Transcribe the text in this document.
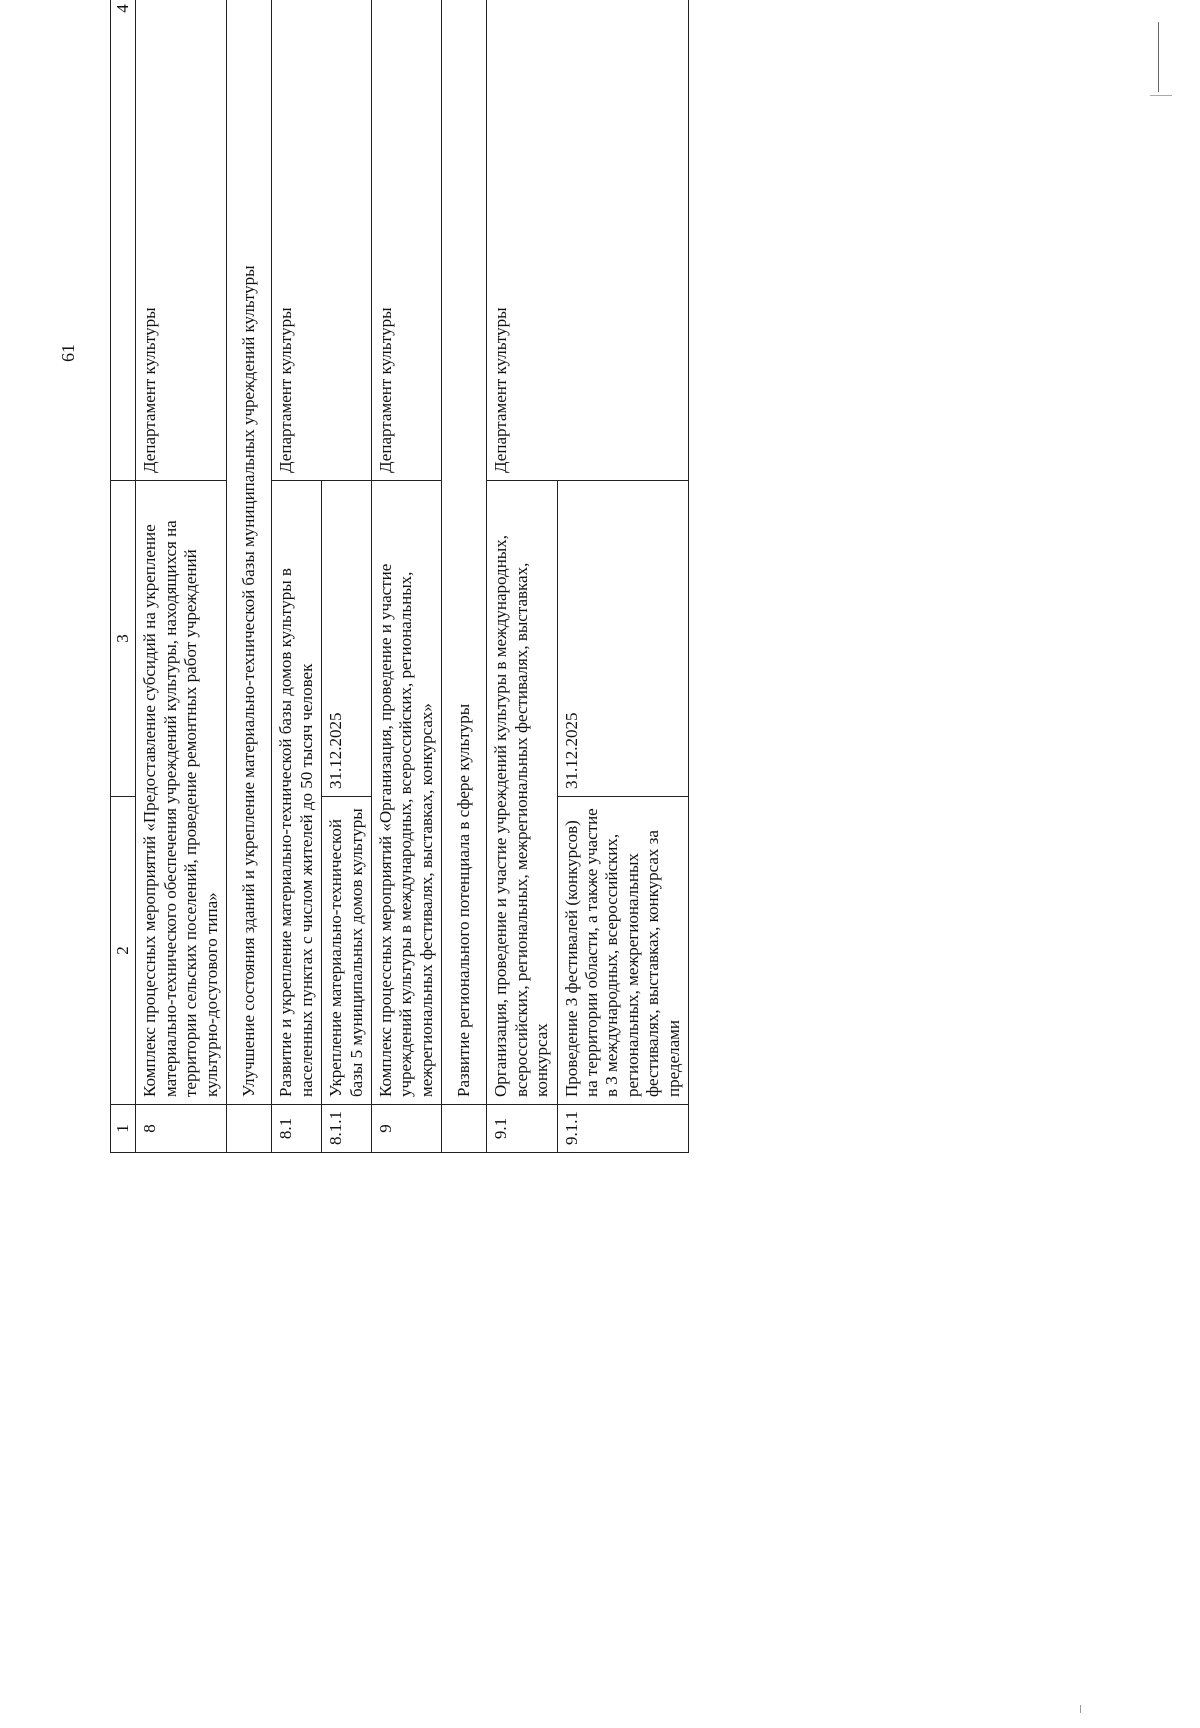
61
1	2	3	4
8	Комплекс процессных мероприятий «Предоставление субсидий на укрепление материально-технического обеспечения учреждений культуры, находящихся на территории сельских поселений, проведение ремонтных работ учреждений культурно-досугового типа»		Департамент культуры
	Улучшение состояния зданий и укрепление материально-технической базы муниципальных учреждений культуры		
8.1	Развитие и укрепление материально-технической базы домов культуры в населенных пунктах с числом жителей до 50 тысяч человек		Департамент культуры
8.1.1	Укрепление материально-технической базы 5 муниципальных домов культуры	31.12.2025	
9	Комплекс процессных мероприятий «Организация, проведение и участие учреждений культуры в международных, всероссийских, региональных, межрегиональных фестивалях, выставках, конкурсах»		Департамент культуры
	Развитие регионального потенциала в сфере культуры		
9.1	Организация, проведение и участие учреждений культуры в международных, всероссийских, региональных, межрегиональных фестивалях, выставках, конкурсах		Департамент культуры
9.1.1	Проведение 3 фестивалей (конкурсов) на территории области, а также участие в 3 международных, всероссийских, региональных, межрегиональных фестивалях, выставках, конкурсах за пределами	31.12.2025	
